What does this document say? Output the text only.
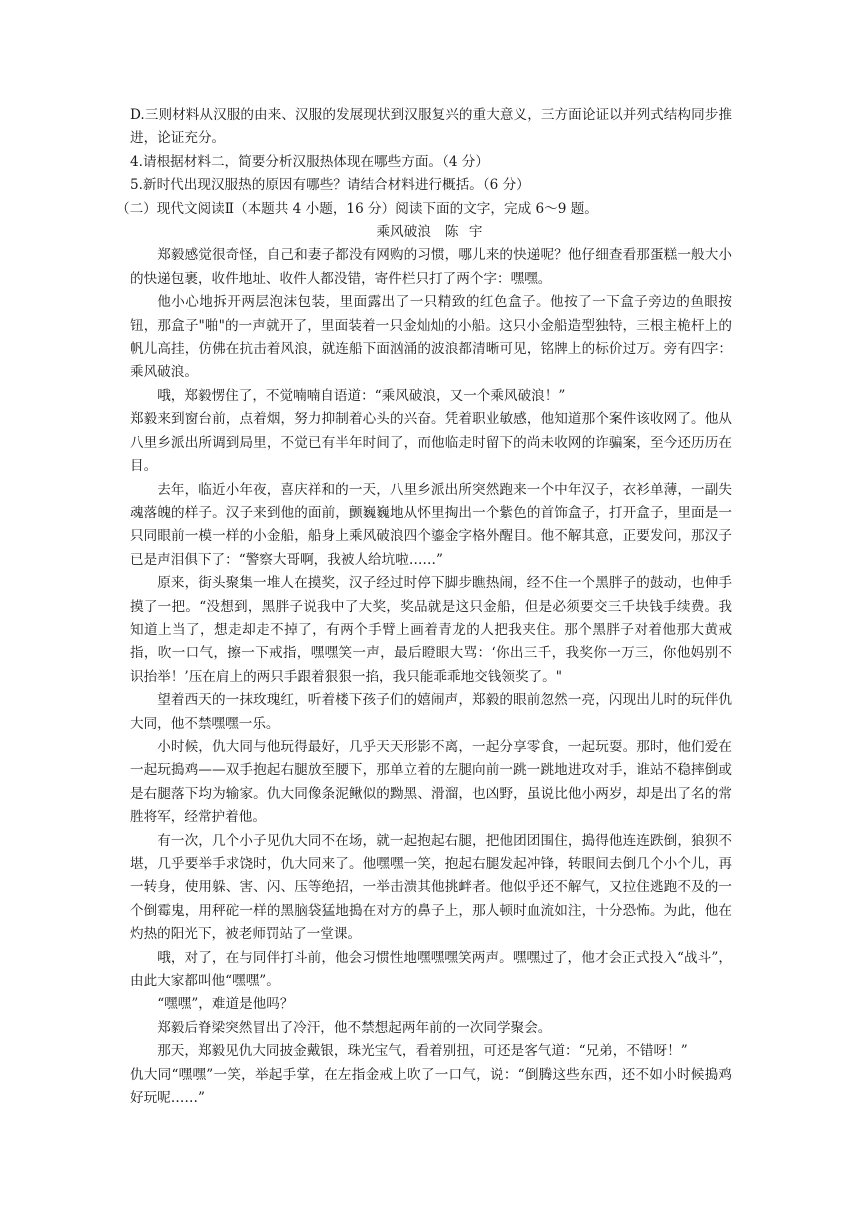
D.三则材料从汉服的由来、汉服的发展现状到汉服复兴的重大意义，三方面论证以并列式结构同步推进，论证充分。

4.请根据材料二，简要分析汉服热体现在哪些方面。（4 分）

5.新时代出现汉服热的原因有哪些？请结合材料进行概括。（6 分）

（二）现代文阅读Ⅱ（本题共 4 小题，16 分）阅读下面的文字，完成 6～9 题。

乘风破浪 陈 宇

郑毅感觉很奇怪，自己和妻子都没有网购的习惯，哪儿来的快递呢？他仔细查看那蛋糕一般大小的快递包裹，收件地址、收件人都没错，寄件栏只打了两个字：嘿嘿。

他小心地拆开两层泡沫包装，里面露出了一只精致的红色盒子。他按了一下盒子旁边的鱼眼按钮，那盒子"啪"的一声就开了，里面装着一只金灿灿的小船。这只小金船造型独特，三根主桅杆上的帆儿高挂，仿佛在抗击着风浪，就连船下面汹涌的波浪都清晰可见，铭牌上的标价过万。旁有四字：乘风破浪。

哦，郑毅愣住了，不觉喃喃自语道：“乘风破浪，又一个乘风破浪！”

郑毅来到窗台前，点着烟，努力抑制着心头的兴奋。凭着职业敏感，他知道那个案件该收网了。他从八里乡派出所调到局里，不觉已有半年时间了，而他临走时留下的尚未收网的诈骗案，至今还历历在目。

去年，临近小年夜，喜庆祥和的一天，八里乡派出所突然跑来一个中年汉子，衣衫单薄，一副失魂落魄的样子。汉子来到他的面前，颤巍巍地从怀里掏出一个紫色的首饰盒子，打开盒子，里面是一只同眼前一模一样的小金船，船身上乘风破浪四个鎏金字格外醒目。他不解其意，正要发问，那汉子已是声泪俱下了：“警察大哥啊，我被人给坑啦……”

原来，街头聚集一堆人在摸奖，汉子经过时停下脚步瞧热闹，经不住一个黑胖子的鼓动，也伸手摸了一把。“没想到，黑胖子说我中了大奖，奖品就是这只金船，但是必须要交三千块钱手续费。我知道上当了，想走却走不掉了，有两个手臂上画着青龙的人把我夹住。那个黑胖子对着他那大黄戒指，吹一口气，擦一下戒指，嘿嘿笑一声，最后瞪眼大骂：‘你出三千，我奖你一万三，你他妈别不识抬举！’压在肩上的两只手跟着狠狠一掐，我只能乖乖地交钱领奖了。"

望着西天的一抹玫瑰红，听着楼下孩子们的嬉闹声，郑毅的眼前忽然一亮，闪现出儿时的玩伴仇大同，他不禁嘿嘿一乐。

小时候，仇大同与他玩得最好，几乎天天形影不离，一起分享零食，一起玩耍。那时，他们爱在一起玩搗鸡——双手抱起右腿放至腰下，那单立着的左腿向前一跳一跳地进攻对手，谁站不稳摔倒或是右腿落下均为输家。仇大同像条泥鳅似的黝黑、滑溜，也凶野，虽说比他小两岁，却是出了名的常胜将军，经常护着他。

有一次，几个小子见仇大同不在场，就一起抱起右腿，把他团团围住，搗得他连连跌倒，狼狈不堪，几乎要举手求饶时，仇大同来了。他嘿嘿一笑，抱起右腿发起冲锋，转眼间去倒几个小个儿，再一转身，使用躲、害、闪、压等绝招，一举击溃其他挑衅者。他似乎还不解气，又拉住逃跑不及的一个倒霉鬼，用秤砣一样的黑脑袋猛地搗在对方的鼻子上，那人顿时血流如注，十分恐怖。为此，他在灼热的阳光下，被老师罚站了一堂课。

哦，对了，在与同伴打斗前，他会习惯性地嘿嘿嘿笑两声。嘿嘿过了，他才会正式投入“战斗”，由此大家都叫他“嘿嘿”。

“嘿嘿”，难道是他吗？

郑毅后脊梁突然冒出了冷汗，他不禁想起两年前的一次同学聚会。

那天，郑毅见仇大同披金戴银，珠光宝气，看着别扭，可还是客气道：“兄弟，不错呀！”

仇大同“嘿嘿”一笑，举起手掌，在左指金戒上吹了一口气，说：“倒腾这些东西，还不如小时候搗鸡好玩呢……”
